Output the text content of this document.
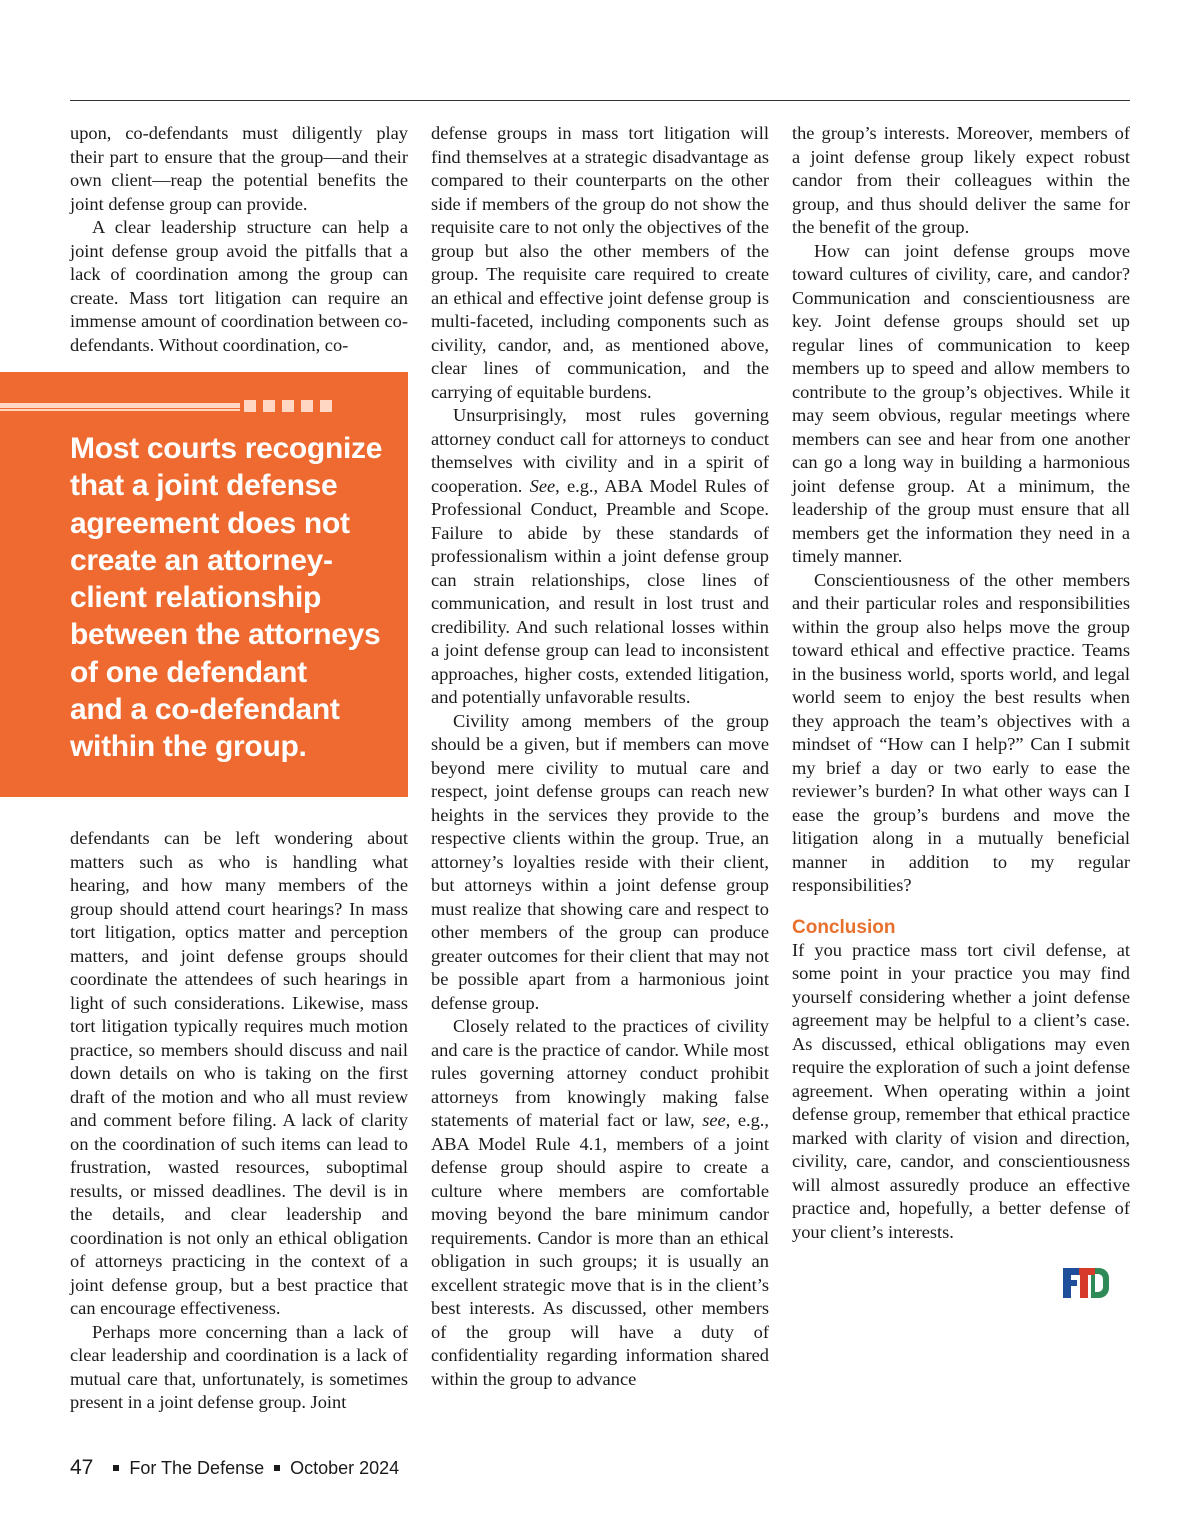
upon, co-defendants must diligently play their part to ensure that the group—and their own client—reap the potential benefits the joint defense group can provide.

A clear leadership structure can help a joint defense group avoid the pitfalls that a lack of coordination among the group can create. Mass tort litigation can require an immense amount of coordination between co-defendants. Without coordination, co-

Most courts recognize
that a joint defense
agreement does not
create an attorney-
client relationship
between the attorneys
of one defendant
and a co-defendant
within the group.

defendants can be left wondering about matters such as who is handling what hearing, and how many members of the group should attend court hearings? In mass tort litigation, optics matter and perception matters, and joint defense groups should coordinate the attendees of such hearings in light of such considerations. Likewise, mass tort litigation typically requires much motion practice, so members should discuss and nail down details on who is taking on the first draft of the motion and who all must review and comment before filing. A lack of clarity on the coordination of such items can lead to frustration, wasted resources, suboptimal results, or missed deadlines. The devil is in the details, and clear leadership and coordination is not only an ethical obligation of attorneys practicing in the context of a joint defense group, but a best practice that can encourage effectiveness.

Perhaps more concerning than a lack of clear leadership and coordination is a lack of mutual care that, unfortunately, is sometimes present in a joint defense group. Joint

defense groups in mass tort litigation will find themselves at a strategic disadvantage as compared to their counterparts on the other side if members of the group do not show the requisite care to not only the objectives of the group but also the other members of the group. The requisite care required to create an ethical and effective joint defense group is multi-faceted, including components such as civility, candor, and, as mentioned above, clear lines of communication, and the carrying of equitable burdens.

Unsurprisingly, most rules governing attorney conduct call for attorneys to conduct themselves with civility and in a spirit of cooperation. See, e.g., ABA Model Rules of Professional Conduct, Preamble and Scope. Failure to abide by these standards of professionalism within a joint defense group can strain relationships, close lines of communication, and result in lost trust and credibility. And such relational losses within a joint defense group can lead to inconsistent approaches, higher costs, extended litigation, and potentially unfavorable results.

Civility among members of the group should be a given, but if members can move beyond mere civility to mutual care and respect, joint defense groups can reach new heights in the services they provide to the respective clients within the group. True, an attorney’s loyalties reside with their client, but attorneys within a joint defense group must realize that showing care and respect to other members of the group can produce greater outcomes for their client that may not be possible apart from a harmonious joint defense group.

Closely related to the practices of civility and care is the practice of candor. While most rules governing attorney conduct prohibit attorneys from knowingly making false statements of material fact or law, see, e.g., ABA Model Rule 4.1, members of a joint defense group should aspire to create a culture where members are comfortable moving beyond the bare minimum candor requirements. Candor is more than an ethical obligation in such groups; it is usually an excellent strategic move that is in the client’s best interests. As discussed, other members of the group will have a duty of confidentiality regarding information shared within the group to advance

the group’s interests. Moreover, members of a joint defense group likely expect robust candor from their colleagues within the group, and thus should deliver the same for the benefit of the group.

How can joint defense groups move toward cultures of civility, care, and candor? Communication and conscientiousness are key. Joint defense groups should set up regular lines of communication to keep members up to speed and allow members to contribute to the group’s objectives. While it may seem obvious, regular meetings where members can see and hear from one another can go a long way in building a harmonious joint defense group. At a minimum, the leadership of the group must ensure that all members get the information they need in a timely manner.

Conscientiousness of the other members and their particular roles and responsibilities within the group also helps move the group toward ethical and effective practice. Teams in the business world, sports world, and legal world seem to enjoy the best results when they approach the team’s objectives with a mindset of “How can I help?” Can I submit my brief a day or two early to ease the reviewer’s burden? In what other ways can I ease the group’s burdens and move the litigation along in a mutually beneficial manner in addition to my regular responsibilities?

Conclusion

If you practice mass tort civil defense, at some point in your practice you may find yourself considering whether a joint defense agreement may be helpful to a client’s case. As discussed, ethical obligations may even require the exploration of such a joint defense agreement. When operating within a joint defense group, remember that ethical practice marked with clarity of vision and direction, civility, care, candor, and conscientiousness will almost assuredly produce an effective practice and, hopefully, a better defense of your client’s interests.

47 For The Defense October 2024
